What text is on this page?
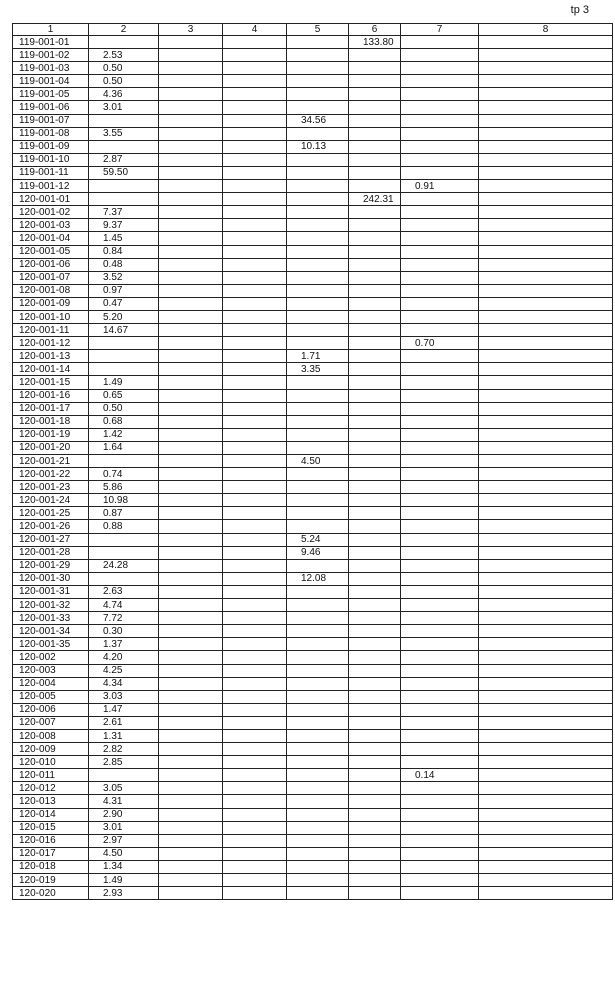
tp 3
1	2	3	4	5	6	7	8
119-001-01					133.80		
119-001-02	2.53						
119-001-03	0.50						
119-001-04	0.50						
119-001-05	4.36						
119-001-06	3.01						
119-001-07				34.56			
119-001-08	3.55						
119-001-09				10.13			
119-001-10	2.87						
119-001-11	59.50						
119-001-12						0.91	
120-001-01					242.31		
120-001-02	7.37						
120-001-03	9.37						
120-001-04	1.45						
120-001-05	0.84						
120-001-06	0.48						
120-001-07	3.52						
120-001-08	0.97						
120-001-09	0.47						
120-001-10	5.20						
120-001-11	14.67						
120-001-12						0.70	
120-001-13				1.71			
120-001-14				3.35			
120-001-15	1.49						
120-001-16	0.65						
120-001-17	0.50						
120-001-18	0.68						
120-001-19	1.42						
120-001-20	1.64						
120-001-21				4.50			
120-001-22	0.74						
120-001-23	5.86						
120-001-24	10.98						
120-001-25	0.87						
120-001-26	0.88						
120-001-27				5.24			
120-001-28				9.46			
120-001-29	24.28						
120-001-30				12.08			
120-001-31	2.63						
120-001-32	4.74						
120-001-33	7.72						
120-001-34	0.30						
120-001-35	1.37						
120-002	4.20						
120-003	4.25						
120-004	4.34						
120-005	3.03						
120-006	1.47						
120-007	2.61						
120-008	1.31						
120-009	2.82						
120-010	2.85						
120-011						0.14	
120-012	3.05						
120-013	4.31						
120-014	2.90						
120-015	3.01						
120-016	2.97						
120-017	4.50						
120-018	1.34						
120-019	1.49						
120-020	2.93						
